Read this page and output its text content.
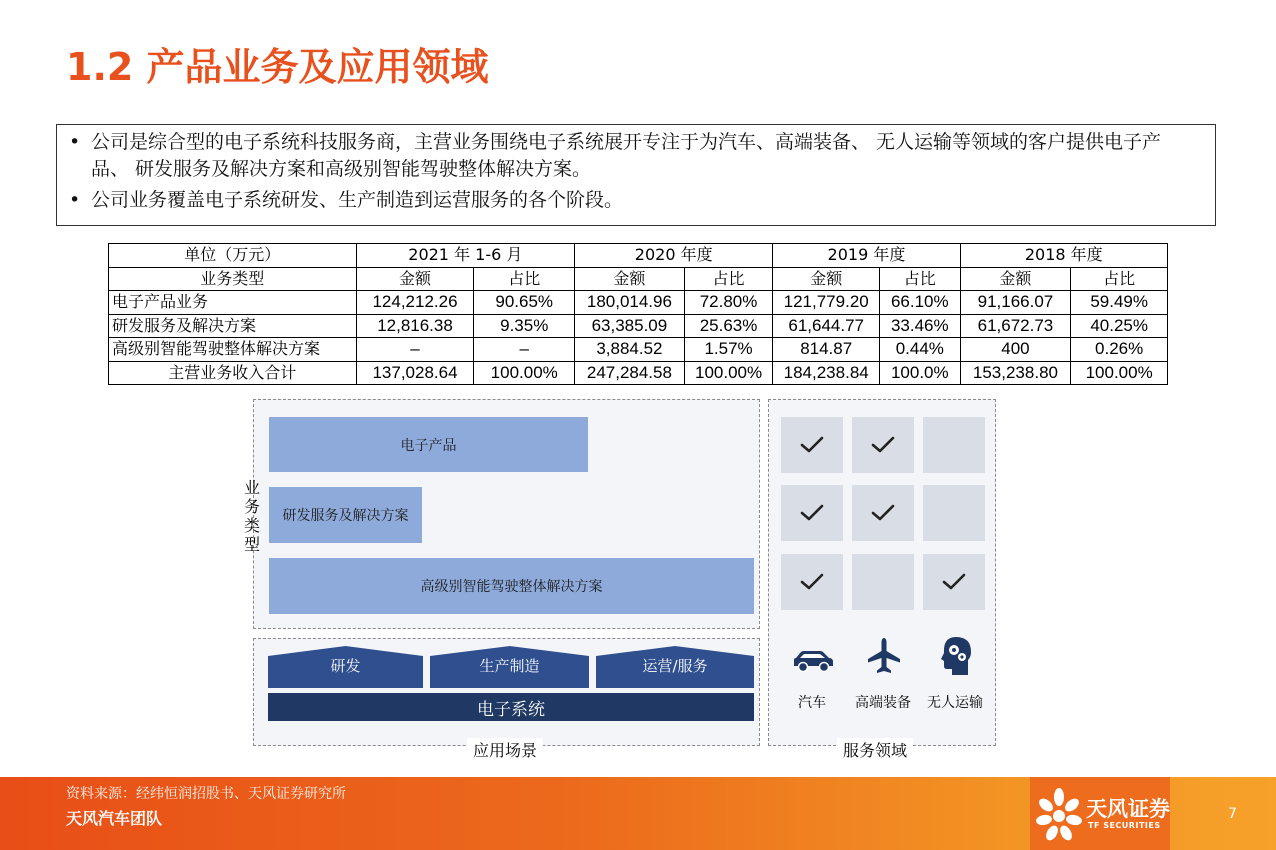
1.2 产品业务及应用领域
• 公司是综合型的电子系统科技服务商，主营业务围绕电子系统展开专注于为汽车、高端装备、 无人运输等领域的客户提供电子产品、 研发服务及解决方案和高级别智能驾驶整体解决方案。
• 公司业务覆盖电子系统研发、生产制造到运营服务的各个阶段。
单位（万元）	2021 年 1-6 月		2020 年度		2019 年度		2018 年度	
业务类型	金额	占比	金额	占比	金额	占比	金额	占比
电子产品业务	124,212.26	90.65%	180,014.96	72.80%	121,779.20	66.10%	91,166.07	59.49%
研发服务及解决方案	12,816.38	9.35%	63,385.09	25.63%	61,644.77	33.46%	61,672.73	40.25%
高级别智能驾驶整体解决方案	–	–	3,884.52	1.57%	814.87	0.44%	400	0.26%
主营业务收入合计	137,028.64	100.00%	247,284.58	100.00%	184,238.84	100.0%	153,238.80	100.00%
业务类型
电子产品
研发服务及解决方案
高级别智能驾驶整体解决方案
研发	生产制造	运营/服务
电子系统
应用场景
汽车	高端装备	无人运输
服务领域
资料来源：经纬恒润招股书、天风证券研究所
天风汽车团队	天风证券
TF SECURITIES
7
